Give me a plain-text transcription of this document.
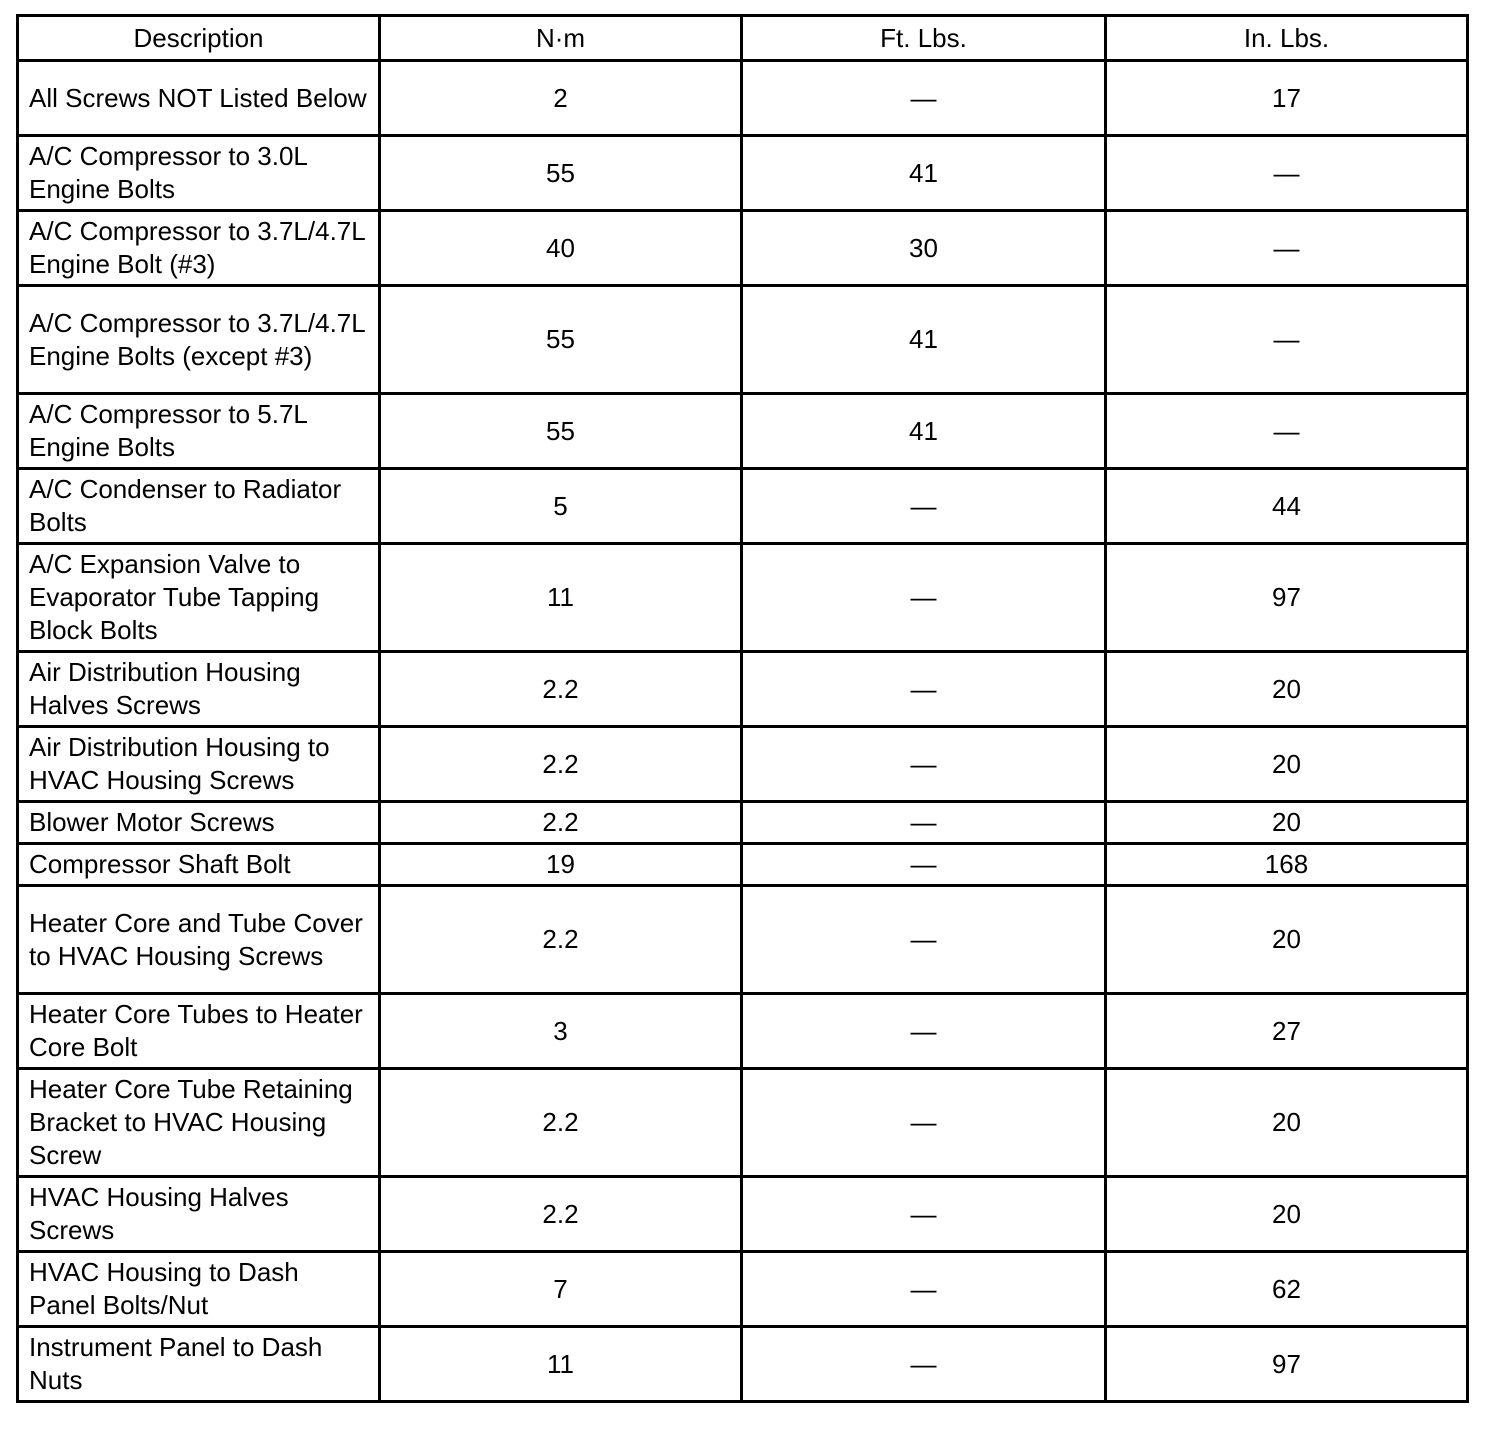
Description	N·m	Ft. Lbs.	In. Lbs.
All Screws NOT Listed Below	2	—	17
A/C Compressor to 3.0L Engine Bolts	55	41	—
A/C Compressor to 3.7L/4.7L Engine Bolt (#3)	40	30	—
A/C Compressor to 3.7L/4.7L Engine Bolts (except #3)	55	41	—
A/C Compressor to 5.7L Engine Bolts	55	41	—
A/C Condenser to Radiator Bolts	5	—	44
A/C Expansion Valve to Evaporator Tube Tapping Block Bolts	11	—	97
Air Distribution Housing Halves Screws	2.2	—	20
Air Distribution Housing to HVAC Housing Screws	2.2	—	20
Blower Motor Screws	2.2	—	20
Compressor Shaft Bolt	19	—	168
Heater Core and Tube Cover to HVAC Housing Screws	2.2	—	20
Heater Core Tubes to Heater Core Bolt	3	—	27
Heater Core Tube Retaining Bracket to HVAC Housing Screw	2.2	—	20
HVAC Housing Halves Screws	2.2	—	20
HVAC Housing to Dash Panel Bolts/Nut	7	—	62
Instrument Panel to Dash Nuts	11	—	97
